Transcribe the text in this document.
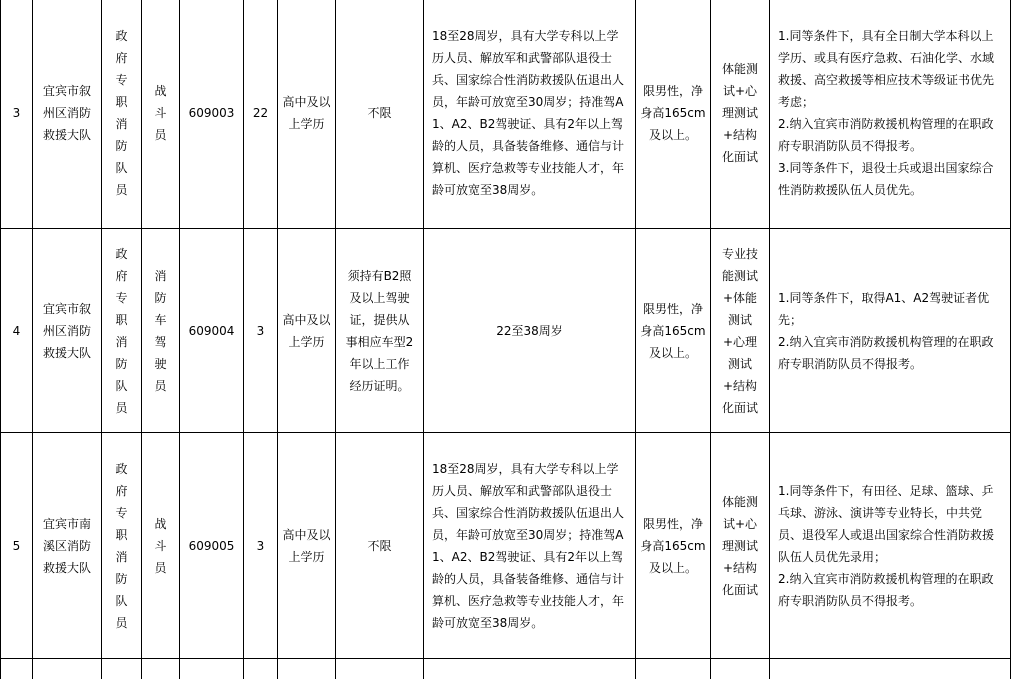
3	宜宾市叙州区消防救援大队	政府专职消防队员	战斗员	609003	22	高中及以上学历	不限	18至28周岁，具有大学专科以上学历人员、解放军和武警部队退役士兵、国家综合性消防救援队伍退出人员，年龄可放宽至30周岁；持准驾A1、A2、B2驾驶证、具有2年以上驾龄的人员，具备装备维修、通信与计算机、医疗急救等专业技能人才，年龄可放宽至38周岁。	限男性，净身高165cm及以上。	体能测试+心理测试+结构化面试	1.同等条件下，具有全日制大学本科以上学历、或具有医疗急救、石油化学、水域救援、高空救援等相应技术等级证书优先考虑；
2.纳入宜宾市消防救援机构管理的在职政府专职消防队员不得报考。
3.同等条件下，退役士兵或退出国家综合性消防救援队伍人员优先。
4	宜宾市叙州区消防救援大队	政府专职消防队员	消防车驾驶员	609004	3	高中及以上学历	须持有B2照及以上驾驶证，提供从事相应车型2年以上工作经历证明。	22至38周岁	限男性，净身高165cm及以上。	专业技能测试+体能测试+心理测试+结构化面试	1.同等条件下，取得A1、A2驾驶证者优先；
2.纳入宜宾市消防救援机构管理的在职政府专职消防队员不得报考。
5	宜宾市南溪区消防救援大队	政府专职消防队员	战斗员	609005	3	高中及以上学历	不限	18至28周岁，具有大学专科以上学历人员、解放军和武警部队退役士兵、国家综合性消防救援队伍退出人员，年龄可放宽至30周岁；持准驾A1、A2、B2驾驶证、具有2年以上驾龄的人员，具备装备维修、通信与计算机、医疗急救等专业技能人才，年龄可放宽至38周岁。	限男性，净身高165cm及以上。	体能测试+心理测试+结构化面试	1.同等条件下，有田径、足球、篮球、乒乓球、游泳、演讲等专业特长，中共党员、退役军人或退出国家综合性消防救援队伍人员优先录用；
2.纳入宜宾市消防救援机构管理的在职政府专职消防队员不得报考。
